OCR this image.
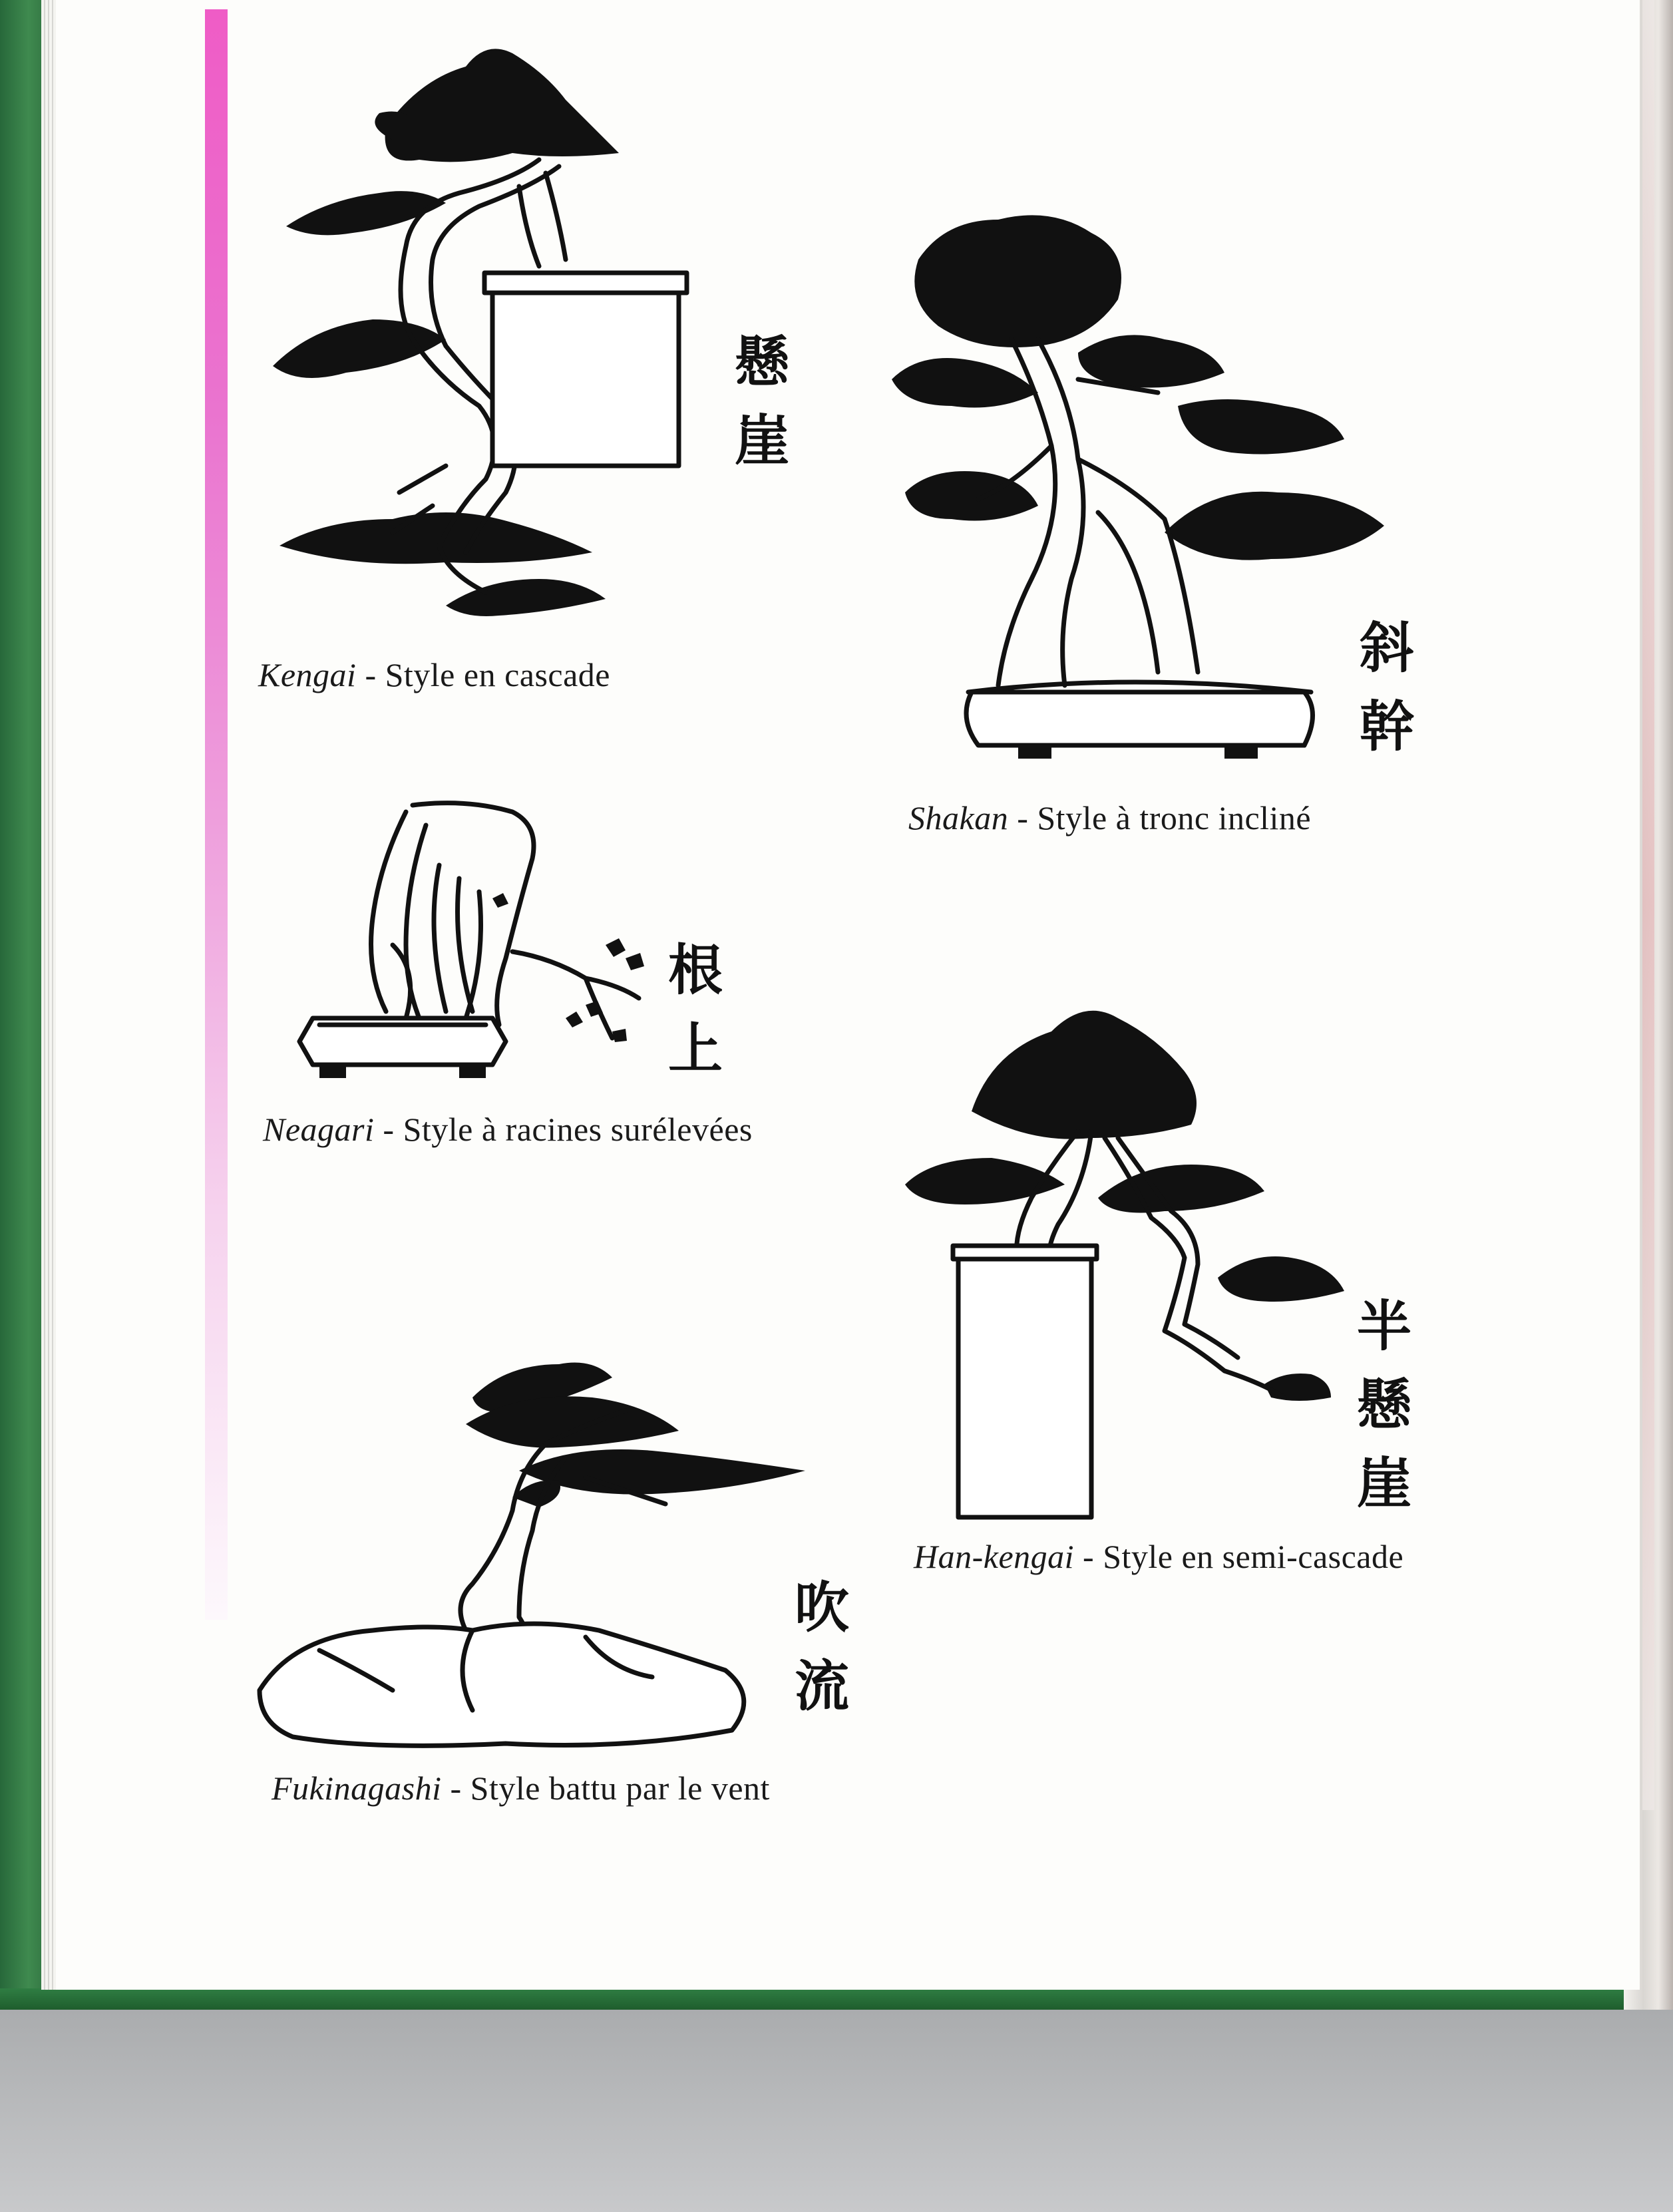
懸
崖
Kengai - Style en cascade	斜
幹
Shakan - Style à tronc incliné
根
上
Neagari - Style à racines surélevées
半
懸
崖
Han-kengai - Style en semi-cascade
吹
流
Fukinagashi - Style battu par le vent
